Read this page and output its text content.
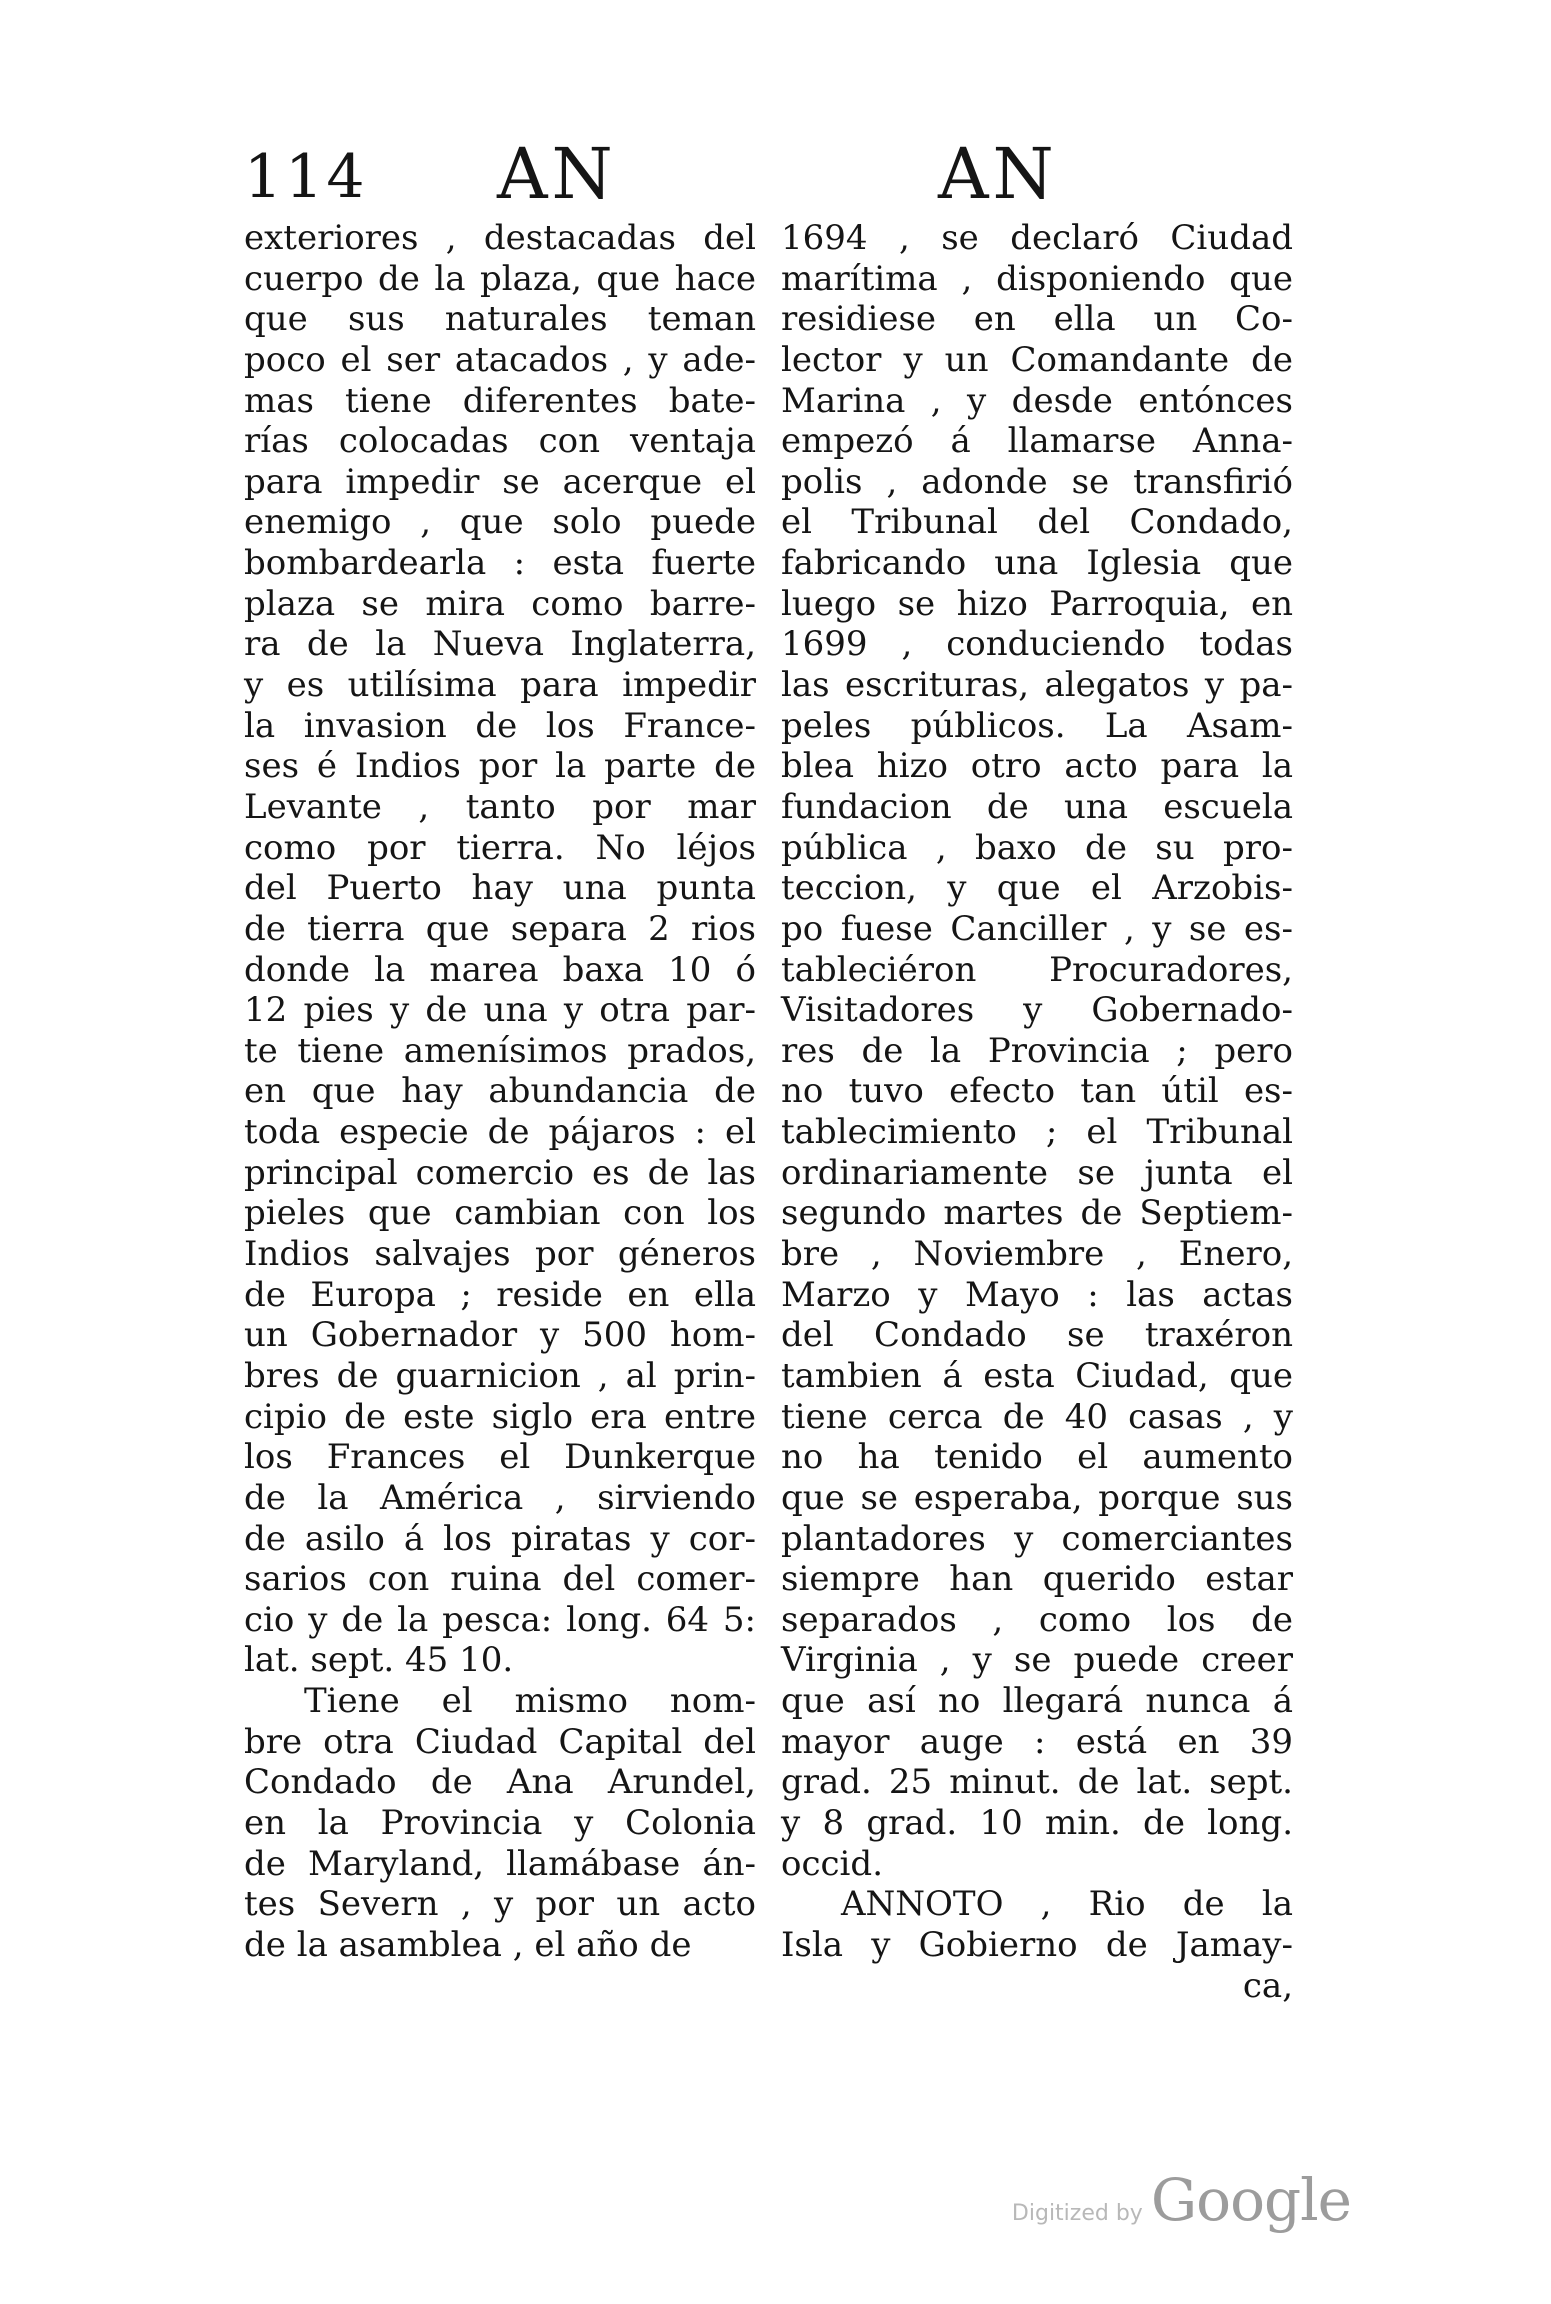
114 AN	AN
exteriores , destacadas del
cuerpo de la plaza, que hace
que sus naturales teman
poco el ser atacados , y ade-
mas tiene diferentes bate-
rías colocadas con ventaja
para impedir se acerque el
enemigo , que solo puede
bombardearla : esta fuerte
plaza se mira como barre-
ra de la Nueva Inglaterra,
y es utilísima para impedir
la invasion de los France-
ses é Indios por la parte de
Levante , tanto por mar
como por tierra. No léjos
del Puerto hay una punta
de tierra que separa 2 rios
donde la marea baxa 10 ó
12 pies y de una y otra par-
te tiene amenísimos prados,
en que hay abundancia de
toda especie de pájaros : el
principal comercio es de las
pieles que cambian con los
Indios salvajes por géneros
de Europa ; reside en ella
un Gobernador y 500 hom-
bres de guarnicion , al prin-
cipio de este siglo era entre
los Frances el Dunkerque
de la América , sirviendo
de asilo á los piratas y cor-
sarios con ruina del comer-
cio y de la pesca: long. 64 5:
lat. sept. 45 10.
Tiene el mismo nom-
bre otra Ciudad Capital del
Condado de Ana Arundel,
en la Provincia y Colonia
de Maryland, llamábase án-
tes Severn , y por un acto
de la asamblea , el año de
1694 , se declaró Ciudad
marítima , disponiendo que
residiese en ella un Co-
lector y un Comandante de
Marina , y desde entónces
empezó á llamarse Anna-
polis , adonde se transfirió
el Tribunal del Condado,
fabricando una Iglesia que
luego se hizo Parroquia, en
1699 , conduciendo todas
las escrituras, alegatos y pa-
peles públicos. La Asam-
blea hizo otro acto para la
fundacion de una escuela
pública , baxo de su pro-
teccion, y que el Arzobis-
po fuese Canciller , y se es-
tableciéron Procuradores,
Visitadores y Gobernado-
res de la Provincia ; pero
no tuvo efecto tan útil es-
tablecimiento ; el Tribunal
ordinariamente se junta el
segundo martes de Septiem-
bre , Noviembre , Enero,
Marzo y Mayo : las actas
del Condado se traxéron
tambien á esta Ciudad, que
tiene cerca de 40 casas , y
no ha tenido el aumento
que se esperaba, porque sus
plantadores y comerciantes
siempre han querido estar
separados , como los de
Virginia , y se puede creer
que así no llegará nunca á
mayor auge : está en 39
grad. 25 minut. de lat. sept.
y 8 grad. 10 min. de long.
occid.
ANNOTO , Rio de la
Isla y Gobierno de Jamay-
ca,
Digitized by Google
